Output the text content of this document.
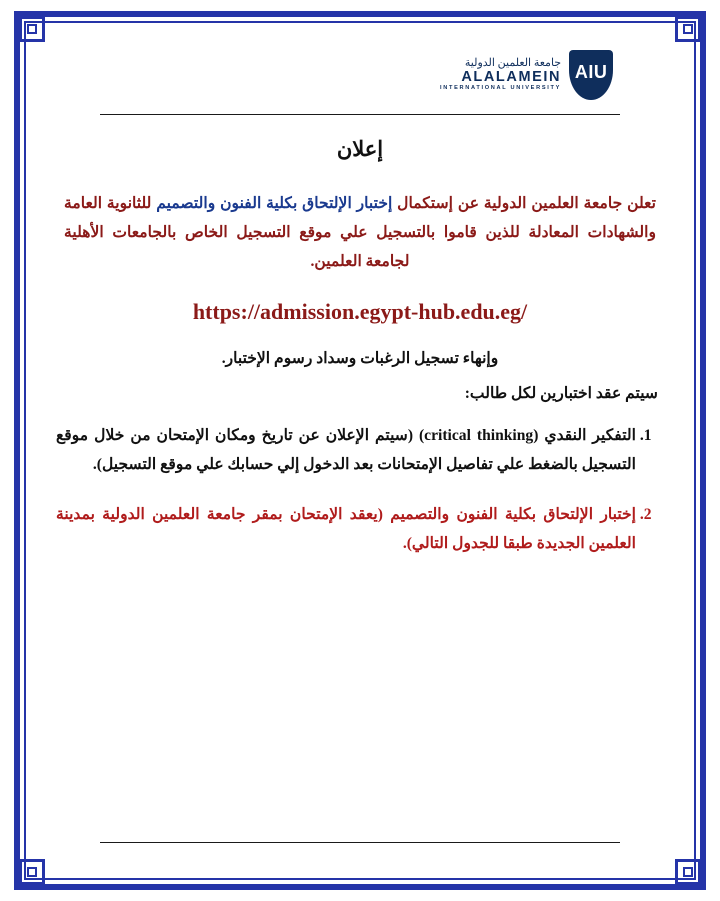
جامعة العلمين الدولية
ALALAMEIN
INTERNATIONAL UNIVERSITY
AIU
إعلان

تعلن جامعة العلمين الدولية عن إستكمال إختبار الإلتحاق بكلية الفنون والتصميم للثانوية العامة والشهادات المعادلة للذين قاموا بالتسجيل علي موقع التسجيل الخاص بالجامعات الأهلية لجامعة العلمين.

https://admission.egypt-hub.edu.eg/
وإنهاء تسجيل الرغبات وسداد رسوم الإختبار.
سيتم عقد اختبارين لكل طالب:
1. التفكير النقدي (critical thinking) (سيتم الإعلان عن تاريخ ومكان الإمتحان من خلال موقع التسجيل بالضغط علي تفاصيل الإمتحانات بعد الدخول إلي حسابك علي موقع التسجيل).
2. إختبار الإلتحاق بكلية الفنون والتصميم (يعقد الإمتحان بمقر جامعة العلمين الدولية بمدينة العلمين الجديدة طبقا للجدول التالي).
